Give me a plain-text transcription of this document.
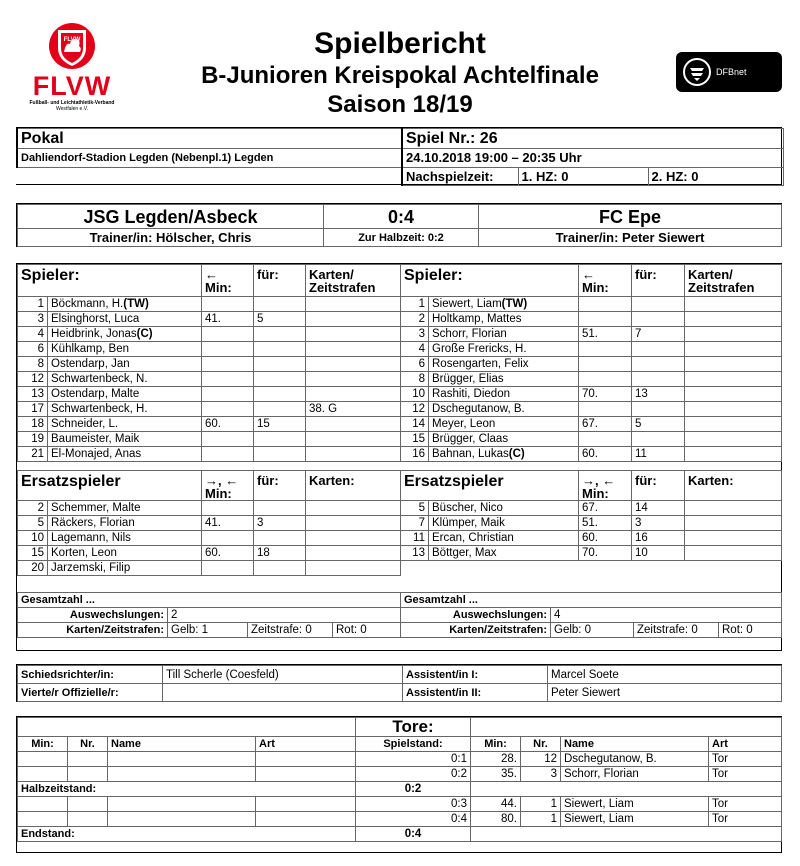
FLVW
FLVW
Fußball- und Leichtathletik-Verband
Westfalen e.V.
Spielbericht
B-Junioren Kreispokal Achtelfinale
Saison 18/19
DFBnet
Pokal	Spiel Nr.: 26		
Dahliendorf-Stadion Legden (Nebenpl.1) Legden	24.10.2018 19:00 – 20:35 Uhr		
	Nachspielzeit:	1. HZ: 0	2. HZ: 0
JSG Legden/Asbeck	0:4	FC Epe
Trainer/in: Hölscher, Chris	Zur Halbzeit: 0:2	Trainer/in: Peter Siewert
Spieler:		←
Min:	für:	Karten/
Zeitstrafen
1	Böckmann, H.(TW)			
3	Elsinghorst, Luca	41.	5	
4	Heidbrink, Jonas(C)			
6	Kühlkamp, Ben			
8	Ostendarp, Jan			
12	Schwartenbeck, N.			
13	Ostendarp, Malte			
17	Schwartenbeck, H.			38. G
18	Schneider, L.	60.	15	
19	Baumeister, Maik			
21	El-Monajed, Anas			
Ersatzspieler		→, ←
Min:	für:	Karten:
2	Schemmer, Malte			
5	Räckers, Florian	41.	3	
10	Lagemann, Nils			
15	Korten, Leon	60.	18	
20	Jarzemski, Filip			
Gesamtzahl ...			
Auswechslungen:	2		
Karten/Zeitstrafen:	Gelb: 1	Zeitstrafe: 0	Rot: 0
Spieler:		←
Min:	für:	Karten/
Zeitstrafen
1	Siewert, Liam(TW)			
2	Holtkamp, Mattes			
3	Schorr, Florian	51.	7	
4	Große Frericks, H.			
6	Rosengarten, Felix			
8	Brügger, Elias			
10	Rashiti, Diedon	70.	13	
12	Dschegutanow, B.			
14	Meyer, Leon	67.	5	
15	Brügger, Claas			
16	Bahnan, Lukas(C)	60.	11	
Ersatzspieler		→, ←
Min:	für:	Karten:
5	Büscher, Nico	67.	14	
7	Klümper, Maik	51.	3	
11	Ercan, Christian	60.	16	
13	Böttger, Max	70.	10	
Gesamtzahl ...			
Auswechslungen:	4		
Karten/Zeitstrafen:	Gelb: 0	Zeitstrafe: 0	Rot: 0
Schiedsrichter/in:	Till Scherle (Coesfeld)	Assistent/in I:	Marcel Soete
Vierte/r Offizielle/r:		Assistent/in II:	Peter Siewert
				Tore:				
Min:	Nr.	Name	Art	Spielstand:	Min:	Nr.	Name	Art
				0:1	28.	12	Dschegutanow, B.	Tor
				0:2	35.	3	Schorr, Florian	Tor
Halbzeitstand:				0:2				
				0:3	44.	1	Siewert, Liam	Tor
				0:4	80.	1	Siewert, Liam	Tor
Endstand:				0:4				
